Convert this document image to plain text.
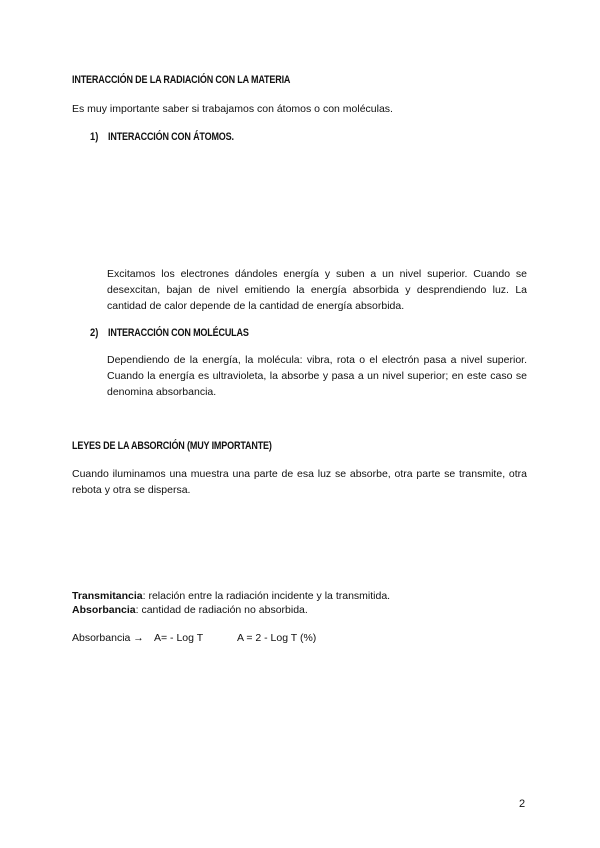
INTERACCIÓN DE LA RADIACIÓN CON LA MATERIA
Es muy importante saber si trabajamos con átomos o con moléculas.
1) INTERACCIÓN CON ÁTOMOS.
Excitamos los electrones dándoles energía y suben a un nivel superior. Cuando se desexcitan, bajan de nivel emitiendo la energía absorbida y desprendiendo luz. La cantidad de calor depende de la cantidad de energía absorbida.
2) INTERACCIÓN CON MOLÉCULAS
Dependiendo de la energía, la molécula: vibra, rota o el electrón pasa a nivel superior. Cuando la energía es ultravioleta, la absorbe y pasa a un nivel superior; en este caso se denomina absorbancia.
LEYES DE LA ABSORCIÓN (MUY IMPORTANTE)
Cuando iluminamos una muestra una parte de esa luz se absorbe, otra parte se transmite, otra rebota y otra se dispersa.
Transmitancia: relación entre la radiación incidente y la transmitida.
Absorbancia: cantidad de radiación no absorbida.
Absorbancia → A= - Log T	A = 2 - Log T (%)
2
